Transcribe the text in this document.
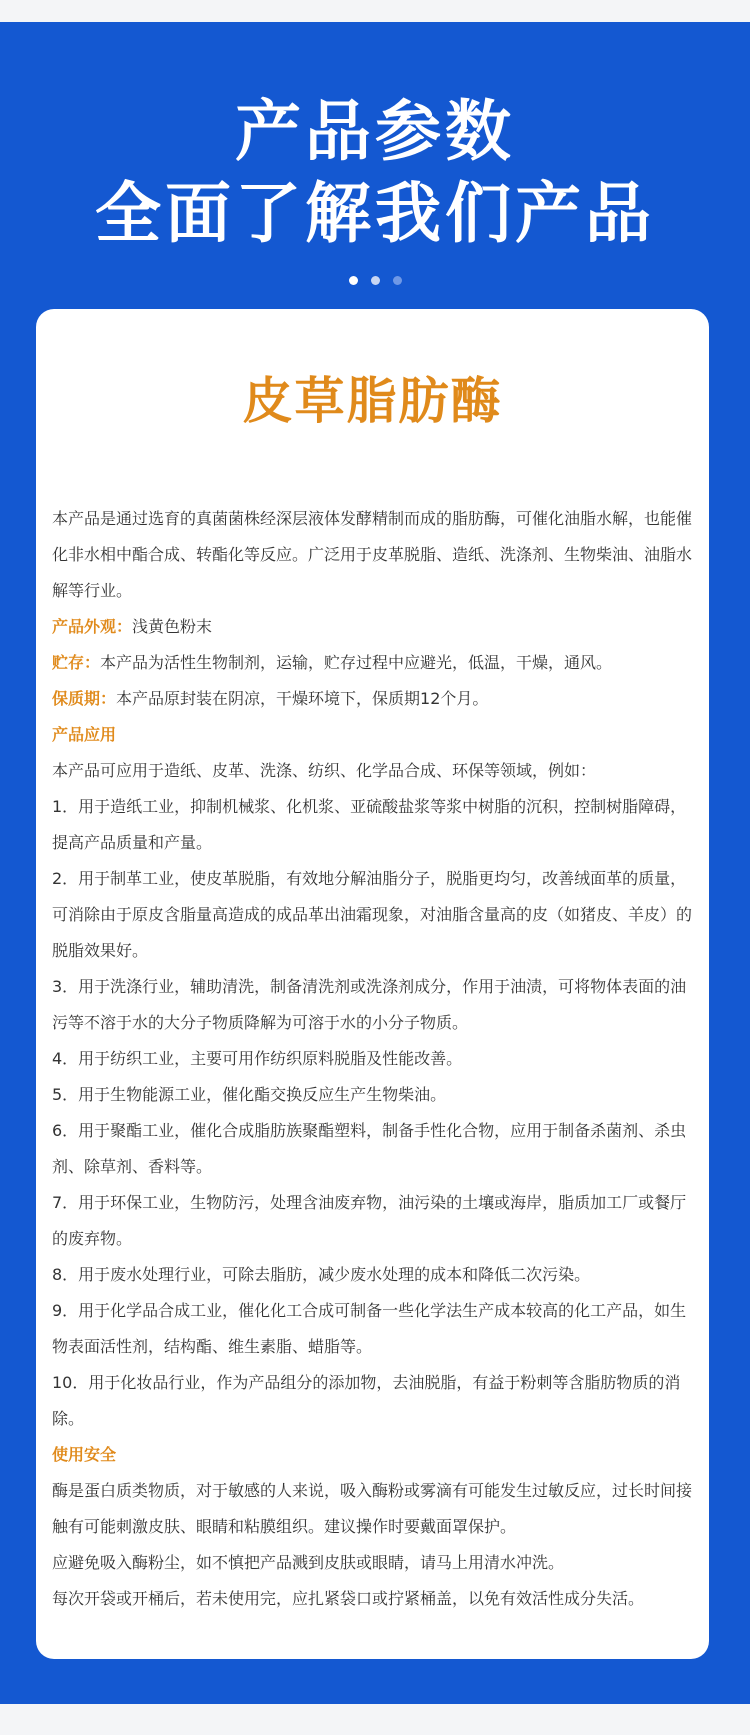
产品参数
全面了解我们产品
皮草脂肪酶

本产品是通过选育的真菌菌株经深层液体发酵精制而成的脂肪酶，可催化油脂水解，也能催化非水相中酯合成、转酯化等反应。广泛用于皮革脱脂、造纸、洗涤剂、生物柴油、油脂水解等行业。

产品外观：浅黄色粉末

贮存：本产品为活性生物制剂，运输，贮存过程中应避光，低温，干燥，通风。

保质期：本产品原封装在阴凉，干燥环境下，保质期12个月。

产品应用

本产品可应用于造纸、皮革、洗涤、纺织、化学品合成、环保等领域，例如：

1．用于造纸工业，抑制机械浆、化机浆、亚硫酸盐浆等浆中树脂的沉积，控制树脂障碍，提高产品质量和产量。

2．用于制革工业，使皮革脱脂，有效地分解油脂分子，脱脂更均匀，改善绒面革的质量，可消除由于原皮含脂量高造成的成品革出油霜现象，对油脂含量高的皮（如猪皮、羊皮）的脱脂效果好。

3．用于洗涤行业，辅助清洗，制备清洗剂或洗涤剂成分，作用于油渍，可将物体表面的油污等不溶于水的大分子物质降解为可溶于水的小分子物质。

4．用于纺织工业，主要可用作纺织原料脱脂及性能改善。

5．用于生物能源工业，催化酯交换反应生产生物柴油。

6．用于聚酯工业，催化合成脂肪族聚酯塑料，制备手性化合物，应用于制备杀菌剂、杀虫剂、除草剂、香料等。

7．用于环保工业，生物防污，处理含油废弃物，油污染的土壤或海岸，脂质加工厂或餐厅的废弃物。

8．用于废水处理行业，可除去脂肪，减少废水处理的成本和降低二次污染。

9．用于化学品合成工业，催化化工合成可制备一些化学法生产成本较高的化工产品，如生物表面活性剂，结构酯、维生素脂、蜡脂等。

10．用于化妆品行业，作为产品组分的添加物，去油脱脂，有益于粉刺等含脂肪物质的消除。

使用安全

酶是蛋白质类物质，对于敏感的人来说，吸入酶粉或雾滴有可能发生过敏反应，过长时间接触有可能刺激皮肤、眼睛和粘膜组织。建议操作时要戴面罩保护。

应避免吸入酶粉尘，如不慎把产品溅到皮肤或眼睛，请马上用清水冲洗。

每次开袋或开桶后，若未使用完，应扎紧袋口或拧紧桶盖，以免有效活性成分失活。
